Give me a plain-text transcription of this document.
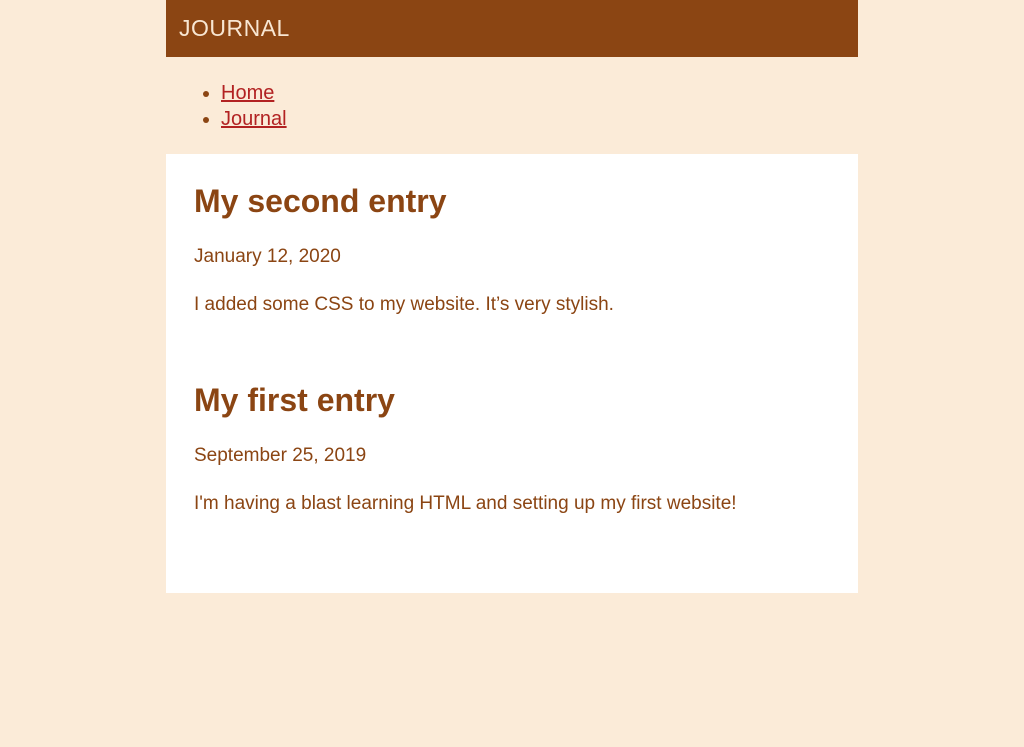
JOURNAL
• Home
• Journal
My second entry

January 12, 2020

I added some CSS to my website. It’s very stylish.

My first entry

September 25, 2019

I'm having a blast learning HTML and setting up my first website!
